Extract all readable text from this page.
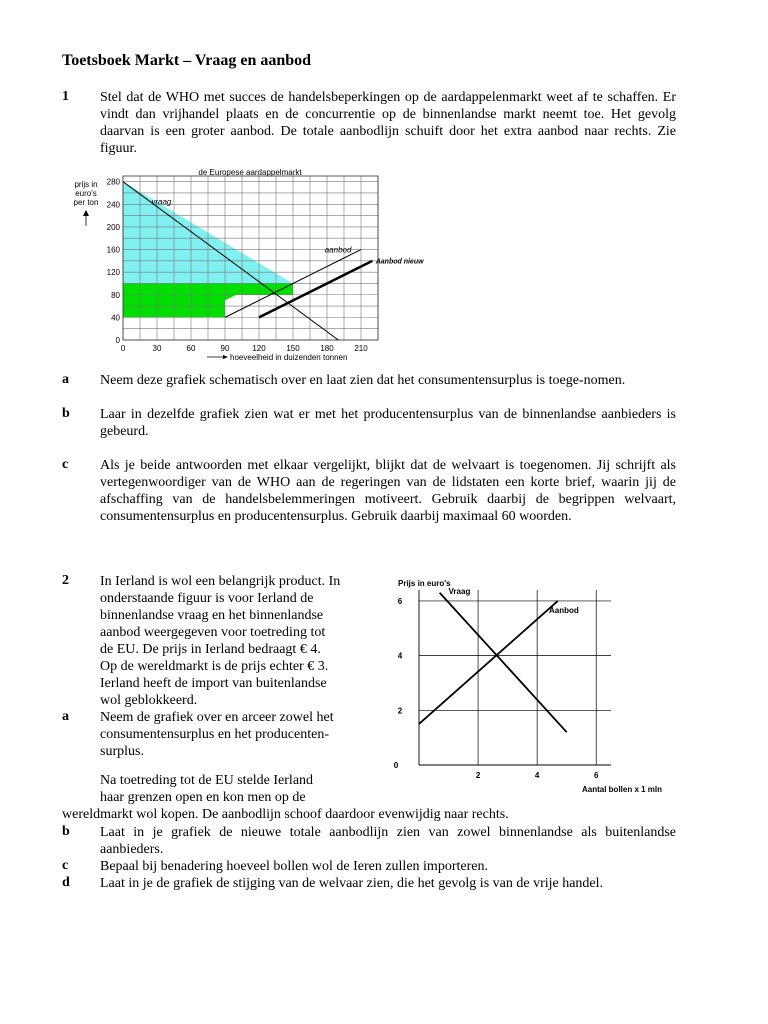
Toetsboek Markt – Vraag en aanbod
1 Stel dat de WHO met succes de handelsbeperkingen op de aardappelenmarkt weet af te schaffen. Er vindt dan vrijhandel plaats en de concurrentie op de binnenlandse markt neemt toe. Het gevolg daarvan is een groter aanbod. De totale aanbodlijn schuift door het extra aanbod naar rechts. Zie figuur.

0	30	60	90	120	150	180	210
0
40
80
120
160
200
240
280
de Europese aardappelmarkt
vraag
aanbod
Aanbod nieuw
prijs in euro's per ton
hoeveelheid in duizenden tonnen
a Neem deze grafiek schematisch over en laat zien dat het consumentensurplus is toege-nomen.

b Laar in dezelfde grafiek zien wat er met het producentensurplus van de binnenlandse aanbieders is gebeurd.

c Als je beide antwoorden met elkaar vergelijkt, blijkt dat de welvaart is toegenomen. Jij schrijft als vertegenwoordiger van de WHO aan de regeringen van de lidstaten een korte brief, waarin jij de afschaffing van de handelsbelemmeringen motiveert. Gebruik daarbij de begrippen welvaart, consumentensurplus en producentensurplus. Gebruik daarbij maximaal 60 woorden.

2 In Ierland is wol een belangrijk product. In
onderstaande figuur is voor Ierland de
binnenlandse vraag en het binnenlandse
aanbod weergegeven voor toetreding tot
de EU. De prijs in Ierland bedraagt € 4.
Op de wereldmarkt is de prijs echter € 3.
Ierland heeft de import van buitenlandse
wol geblokkeerd.
a Neem de grafiek over en arceer zowel het
consumentensurplus en het producenten-
surplus.
Na toetreding tot de EU stelde Ierland
haar grenzen open en kon men op de
wereldmarkt wol kopen. De aanbodlijn schoof daardoor evenwijdig naar rechts.
0
2
4
6
2	4	6
Vraag
Aanbod
Prijs in euro's
Aantal bollen x 1 mln
b Laat in je grafiek de nieuwe totale aanbodlijn zien van zowel binnenlandse als buitenlandse aanbieders.

c Bepaal bij benadering hoeveel bollen wol de Ieren zullen importeren.

d Laat in je de grafiek de stijging van de welvaar zien, die het gevolg is van de vrije handel.
